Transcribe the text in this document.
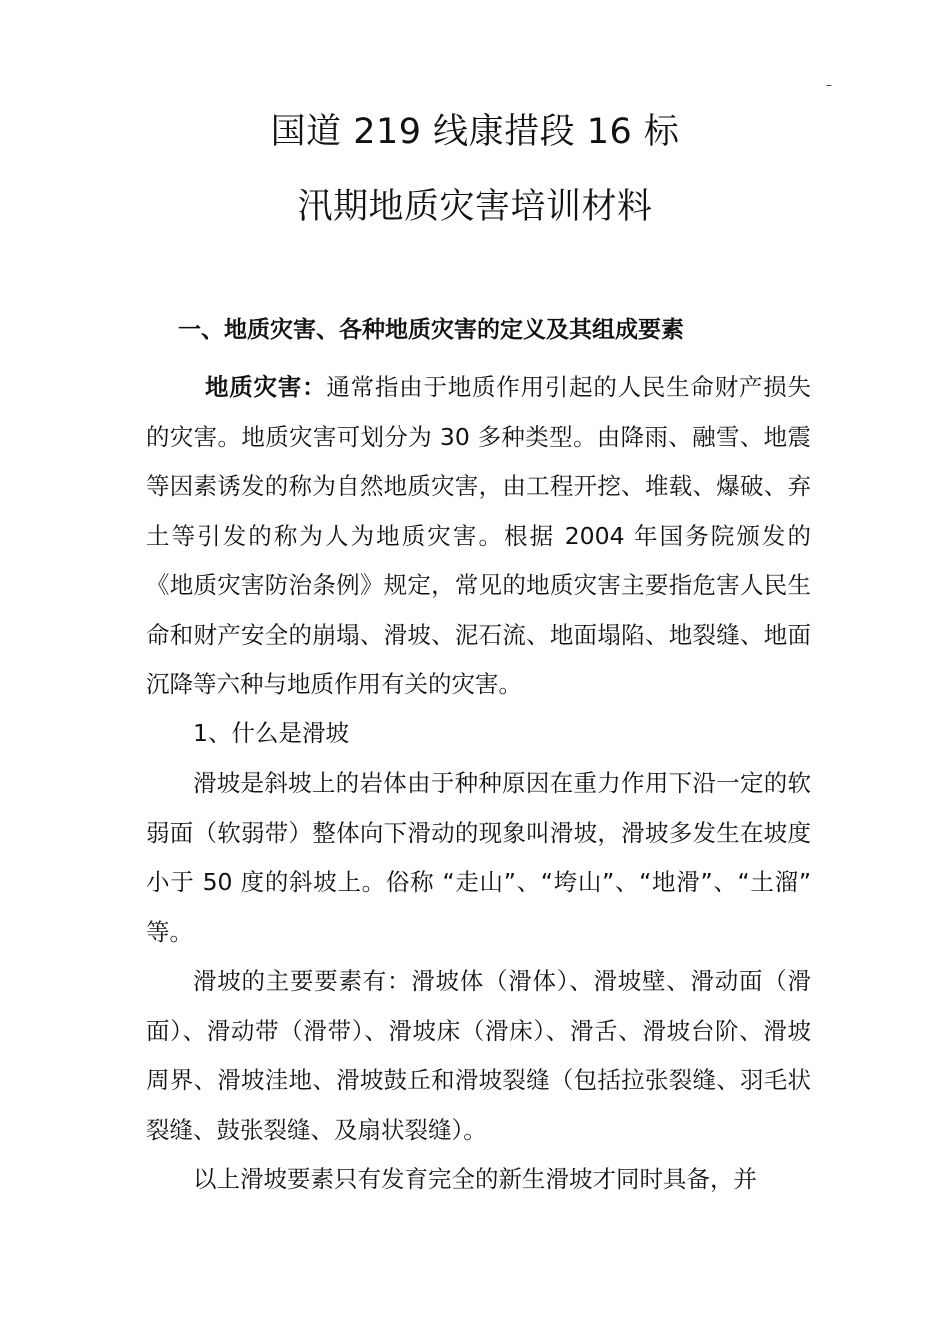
–
国道 219 线康措段 16 标
汛期地质灾害培训材料
一、地质灾害、各种地质灾害的定义及其组成要素

地质灾害：通常指由于地质作用引起的人民生命财产损失的灾害。地质灾害可划分为 30 多种类型。由降雨、融雪、地震等因素诱发的称为自然地质灾害，由工程开挖、堆载、爆破、弃土等引发的称为人为地质灾害。根据 2004 年国务院颁发的 《地质灾害防治条例》规定，常见的地质灾害主要指危害人民生命和财产安全的崩塌、滑坡、泥石流、地面塌陷、地裂缝、地面沉降等六种与地质作用有关的灾害。

1、什么是滑坡

滑坡是斜坡上的岩体由于种种原因在重力作用下沿一定的软弱面（软弱带）整体向下滑动的现象叫滑坡，滑坡多发生在坡度小于 50 度的斜坡上。俗称 “走山”、“垮山”、“地滑”、“土溜” 等。

滑坡的主要要素有：滑坡体（滑体）、滑坡壁、滑动面（滑面）、滑动带（滑带）、滑坡床（滑床）、滑舌、滑坡台阶、滑坡周界、滑坡洼地、滑坡鼓丘和滑坡裂缝（包括拉张裂缝、羽毛状裂缝、鼓张裂缝、及扇状裂缝）。

以上滑坡要素只有发育完全的新生滑坡才同时具备，并
